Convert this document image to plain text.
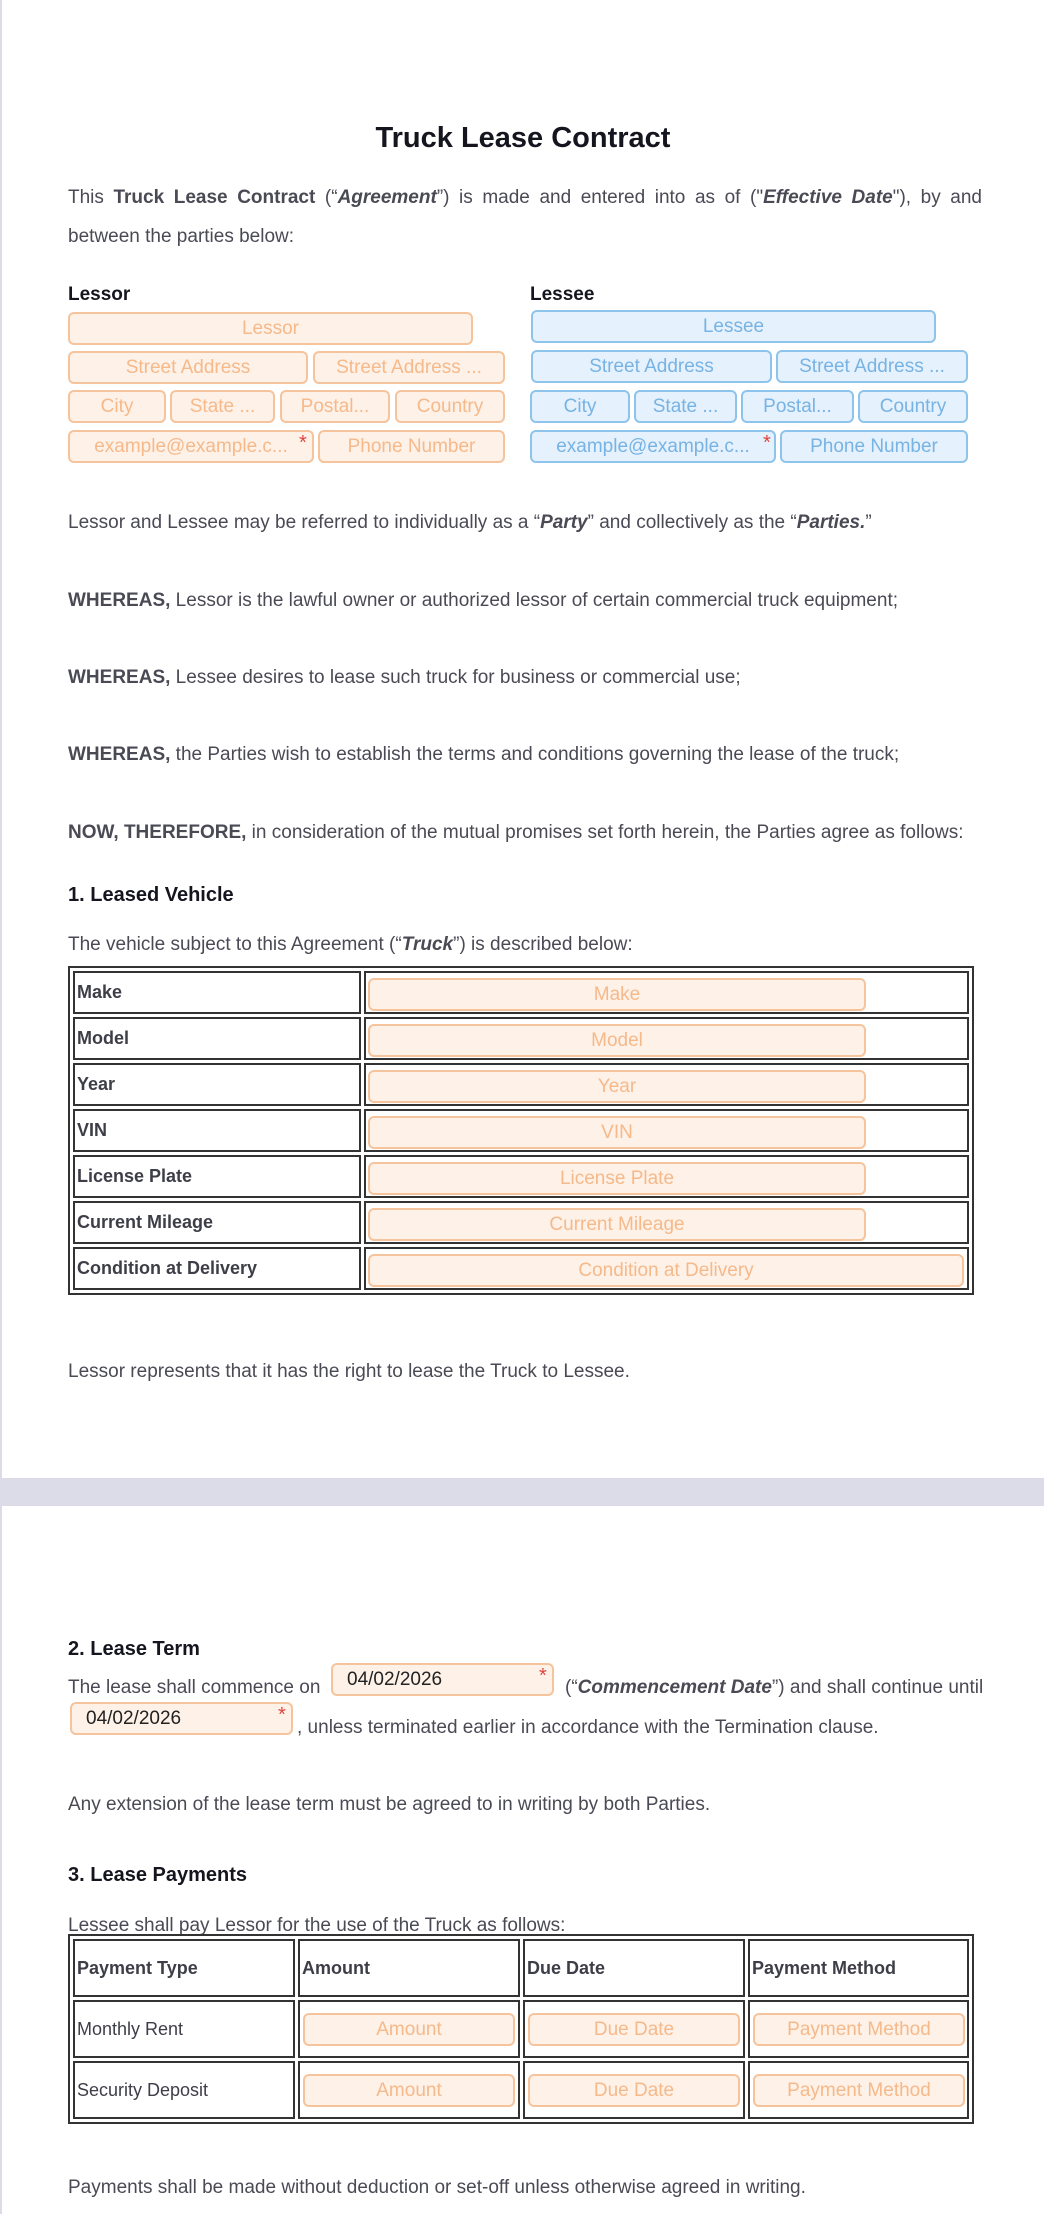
Truck Lease Contract
This Truck Lease Contract (“Agreement”) is made and entered into as of ("Effective Date"), by and
between the parties below:
Lessor
Lessor
Street Address	Street Address ...
City	State ...	Postal...	Country
example@example.c... *	Phone Number
Lessee
Lessee
Street Address	Street Address ...
City	State ...	Postal...	Country
example@example.c... *	Phone Number
Lessor and Lessee may be referred to individually as a “Party” and collectively as the “Parties.”
WHEREAS, Lessor is the lawful owner or authorized lessor of certain commercial truck equipment;
WHEREAS, Lessee desires to lease such truck for business or commercial use;
WHEREAS, the Parties wish to establish the terms and conditions governing the lease of the truck;
NOW, THEREFORE, in consideration of the mutual promises set forth herein, the Parties agree as follows:
1. Leased Vehicle
The vehicle subject to this Agreement (“Truck”) is described below:
Make	Make

Model	Model

Year	Year

VIN	VIN

License Plate	License Plate

Current Mileage	Current Mileage

Condition at Delivery	Condition at Delivery
Lessor represents that it has the right to lease the Truck to Lessee.
2. Lease Term
The lease shall commence on	04/02/2026	*
(“Commencement Date”) and shall continue until
04/02/2026	*
, unless terminated earlier in accordance with the Termination clause.
Any extension of the lease term must be agreed to in writing by both Parties.
3. Lease Payments
Lessee shall pay Lessor for the use of the Truck as follows:
Payment Type	Amount	Due Date	Payment Method
Monthly Rent	Amount	Due Date	Payment Method

Security Deposit	Amount	Due Date	Payment Method
Payments shall be made without deduction or set-off unless otherwise agreed in writing.
